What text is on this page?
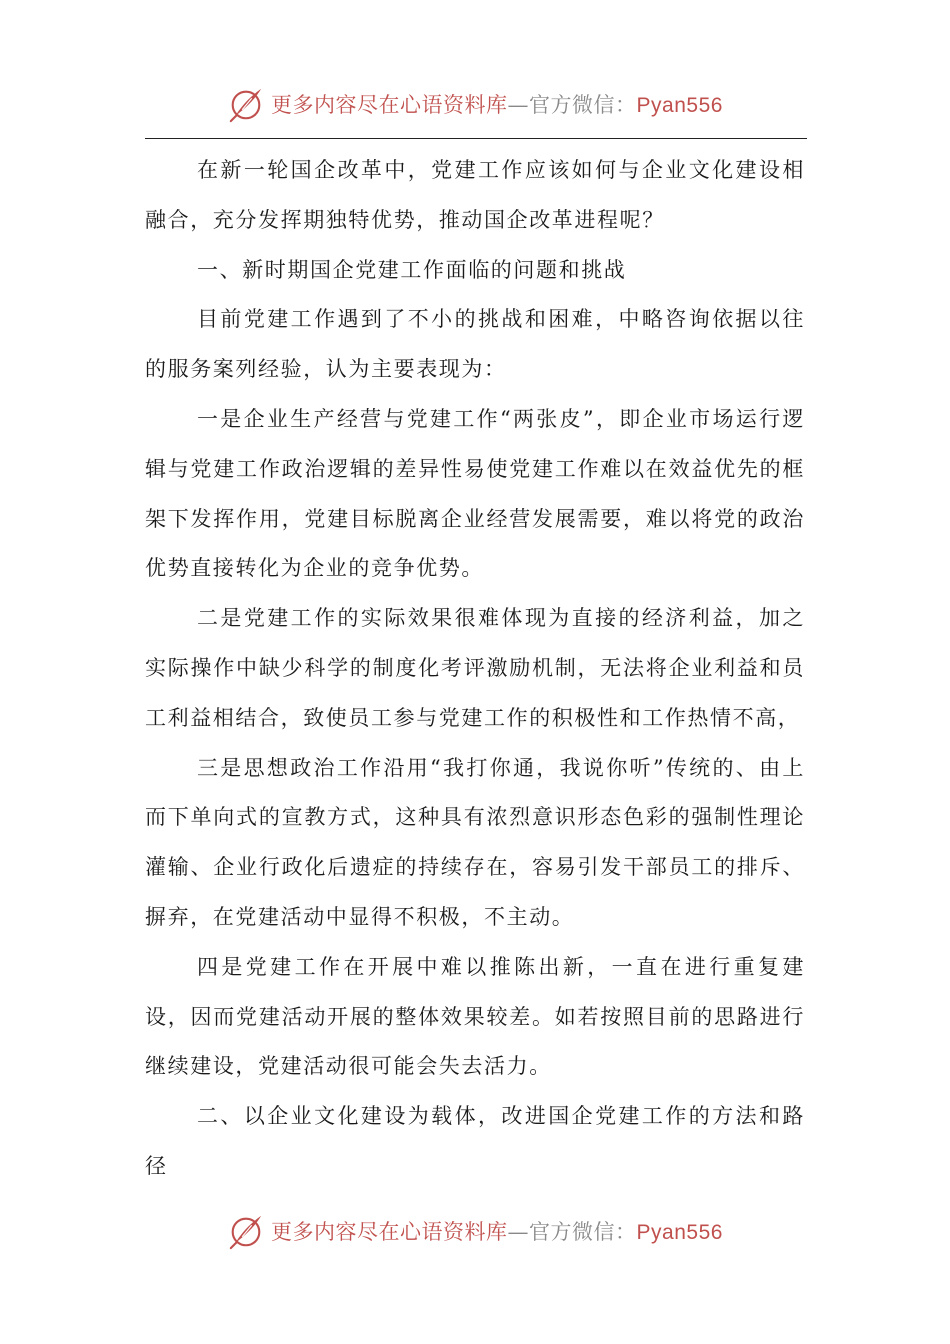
更多内容尽在心语资料库—官方微信：Pyan556

在新一轮国企改革中，党建工作应该如何与企业文化建设相融合，充分发挥期独特优势，推动国企改革进程呢？

一、新时期国企党建工作面临的问题和挑战

目前党建工作遇到了不小的挑战和困难，中略咨询依据以往的服务案列经验，认为主要表现为：

一是企业生产经营与党建工作“两张皮”，即企业市场运行逻辑与党建工作政治逻辑的差异性易使党建工作难以在效益优先的框架下发挥作用，党建目标脱离企业经营发展需要，难以将党的政治优势直接转化为企业的竞争优势。

二是党建工作的实际效果很难体现为直接的经济利益，加之实际操作中缺少科学的制度化考评激励机制，无法将企业利益和员工利益相结合，致使员工参与党建工作的积极性和工作热情不高，

三是思想政治工作沿用“我打你通，我说你听”传统的、由上而下单向式的宣教方式，这种具有浓烈意识形态色彩的强制性理论灌输、企业行政化后遗症的持续存在，容易引发干部员工的排斥、摒弃，在党建活动中显得不积极，不主动。

四是党建工作在开展中难以推陈出新，一直在进行重复建设，因而党建活动开展的整体效果较差。如若按照目前的思路进行继续建设，党建活动很可能会失去活力。

二、以企业文化建设为载体，改进国企党建工作的方法和路径

更多内容尽在心语资料库—官方微信：Pyan556
